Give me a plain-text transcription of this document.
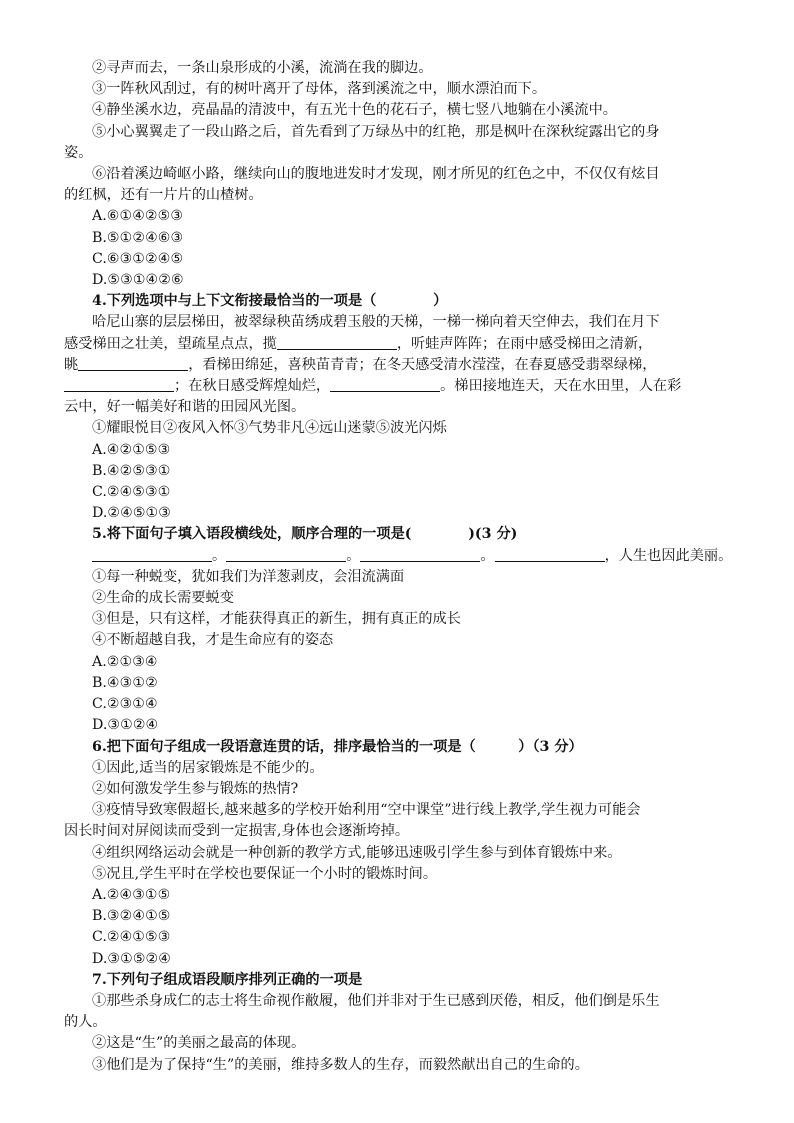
②寻声而去，一条山泉形成的小溪，流淌在我的脚边。
③一阵秋风刮过，有的树叶离开了母体，落到溪流之中，顺水漂泊而下。
④静坐溪水边，亮晶晶的清波中，有五光十色的花石子，横七竖八地躺在小溪流中。
⑤小心翼翼走了一段山路之后，首先看到了万绿丛中的红艳，那是枫叶在深秋绽露出它的身
姿。
⑥沿着溪边崎岖小路，继续向山的腹地进发时才发现，刚才所见的红色之中，不仅仅有炫目
的红枫，还有一片片的山楂树。
A.⑥①④②⑤③
B.⑤①②④⑥③
C.⑥③①②④⑤
D.⑤③①④②⑥
4.下列选项中与上下文衔接最恰当的一项是（　　　　）
哈尼山寨的层层梯田，被翠绿秧苗绣成碧玉般的天梯，一梯一梯向着天空伸去，我们在月下
感受梯田之壮美，望疏星点点，揽	，听蛙声阵阵；在雨中感受梯田之清新，
眺	，看梯田绵延，喜秧苗青青；在冬天感受清水滢滢，在春夏感受翡翠绿梯，
；在秋日感受辉煌灿烂，	。梯田接地连天，天在水田里，人在彩
云中，好一幅美好和谐的田园风光图。
①耀眼悦目②夜风入怀③气势非凡④远山迷蒙⑤波光闪烁
A.④②①⑤③
B.④②⑤③①
C.②④⑤③①
D.②④⑤①③
5.将下面句子填入语段横线处，顺序合理的一项是(　　　　)(3 分)
。	。	。	，人生也因此美丽。
①每一种蜕变，犹如我们为洋葱剥皮，会泪流满面
②生命的成长需要蜕变
③但是，只有这样，才能获得真正的新生，拥有真正的成长
④不断超越自我，才是生命应有的姿态
A.②①③④
B.④③①②
C.②③①④
D.③①②④
6.把下面句子组成一段语意连贯的话，排序最恰当的一项是（　　　）（3 分）
①因此,适当的居家锻炼是不能少的。
②如何激发学生参与锻炼的热情?
③疫情导致寒假超长,越来越多的学校开始利用“空中课堂”进行线上教学,学生视力可能会
因长时间对屏阅读而受到一定损害,身体也会逐渐垮掉。
④组织网络运动会就是一种创新的教学方式,能够迅速吸引学生参与到体育锻炼中来。
⑤况且,学生平时在学校也要保证一个小时的锻炼时间。
A.②④③①⑤
B.③②④①⑤
C.②④①⑤③
D.③①⑤②④
7.下列句子组成语段顺序排列正确的一项是
①那些杀身成仁的志士将生命视作敝履，他们并非对于生已感到厌倦，相反，他们倒是乐生
的人。
②这是“生”的美丽之最高的体现。
③他们是为了保持“生”的美丽，维持多数人的生存，而毅然献出自己的生命的。
